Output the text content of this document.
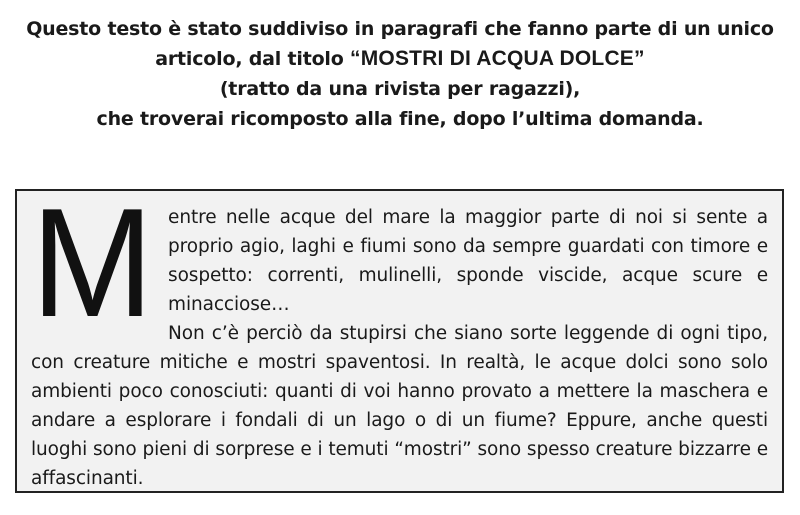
Questo testo è stato suddiviso in paragrafi che fanno parte di un unico
articolo, dal titolo “MOSTRI DI ACQUA DOLCE”
(tratto da una rivista per ragazzi),
che troverai ricomposto alla fine, dopo l’ultima domanda.
M entre nelle acque del mare la maggior parte di noi si sente a proprio agio, laghi e fiumi sono da sempre guardati con timore e sospetto: correnti, mulinelli, sponde viscide, acque scure e minacciose…

Non c’è perciò da stupirsi che siano sorte leggende di ogni tipo, con creature mitiche e mostri spaventosi. In realtà, le acque dolci sono solo ambienti poco conosciuti: quanti di voi hanno provato a mettere la maschera e andare a esplorare i fondali di un lago o di un fiume? Eppure, anche questi luoghi sono pieni di sorprese e i temuti “mostri” sono spesso creature bizzarre e affascinanti.
